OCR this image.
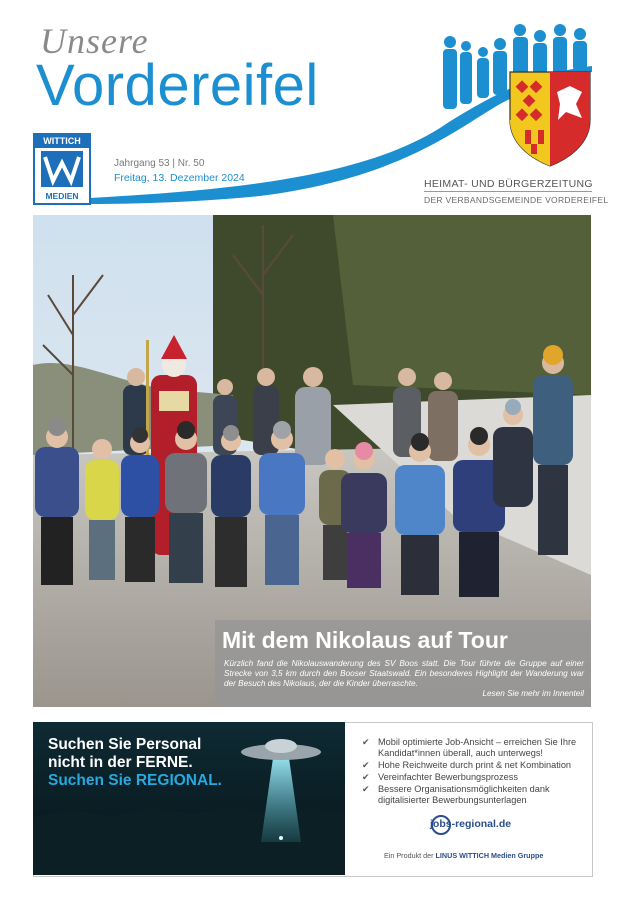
Unsere
Vordereifel
WITTICH
MEDIEN
Jahrgang 53 | Nr. 50
Freitag, 13. Dezember 2024	HEIMAT- UND BÜRGERZEITUNG
DER VERBANDSGEMEINDE VORDEREIFEL
Mit dem Nikolaus auf Tour
Kürzlich fand die Nikolauswanderung des SV Boos statt. Die Tour führte die Gruppe auf einer Strecke von 3,5 km durch den Booser Staatswald. Ein besonderes Highlight der Wanderung war der Besuch des Nikolaus, der die Kinder überraschte.
Lesen Sie mehr im Innenteil
Suchen Sie Personal
nicht in der FERNE.
Suchen Sie REGIONAL.
✔ Mobil optimierte Job-Ansicht – erreichen Sie Ihre Kandidat*innen überall, auch unterwegs!
✔ Hohe Reichweite durch print & net Kombination
✔ Vereinfachter Bewerbungsprozess
✔ Bessere Organisationsmöglichkeiten dank digitalisierter Bewerbungsunterlagen
jobs-regional.de
Ein Produkt der LINUS WITTICH Medien Gruppe
